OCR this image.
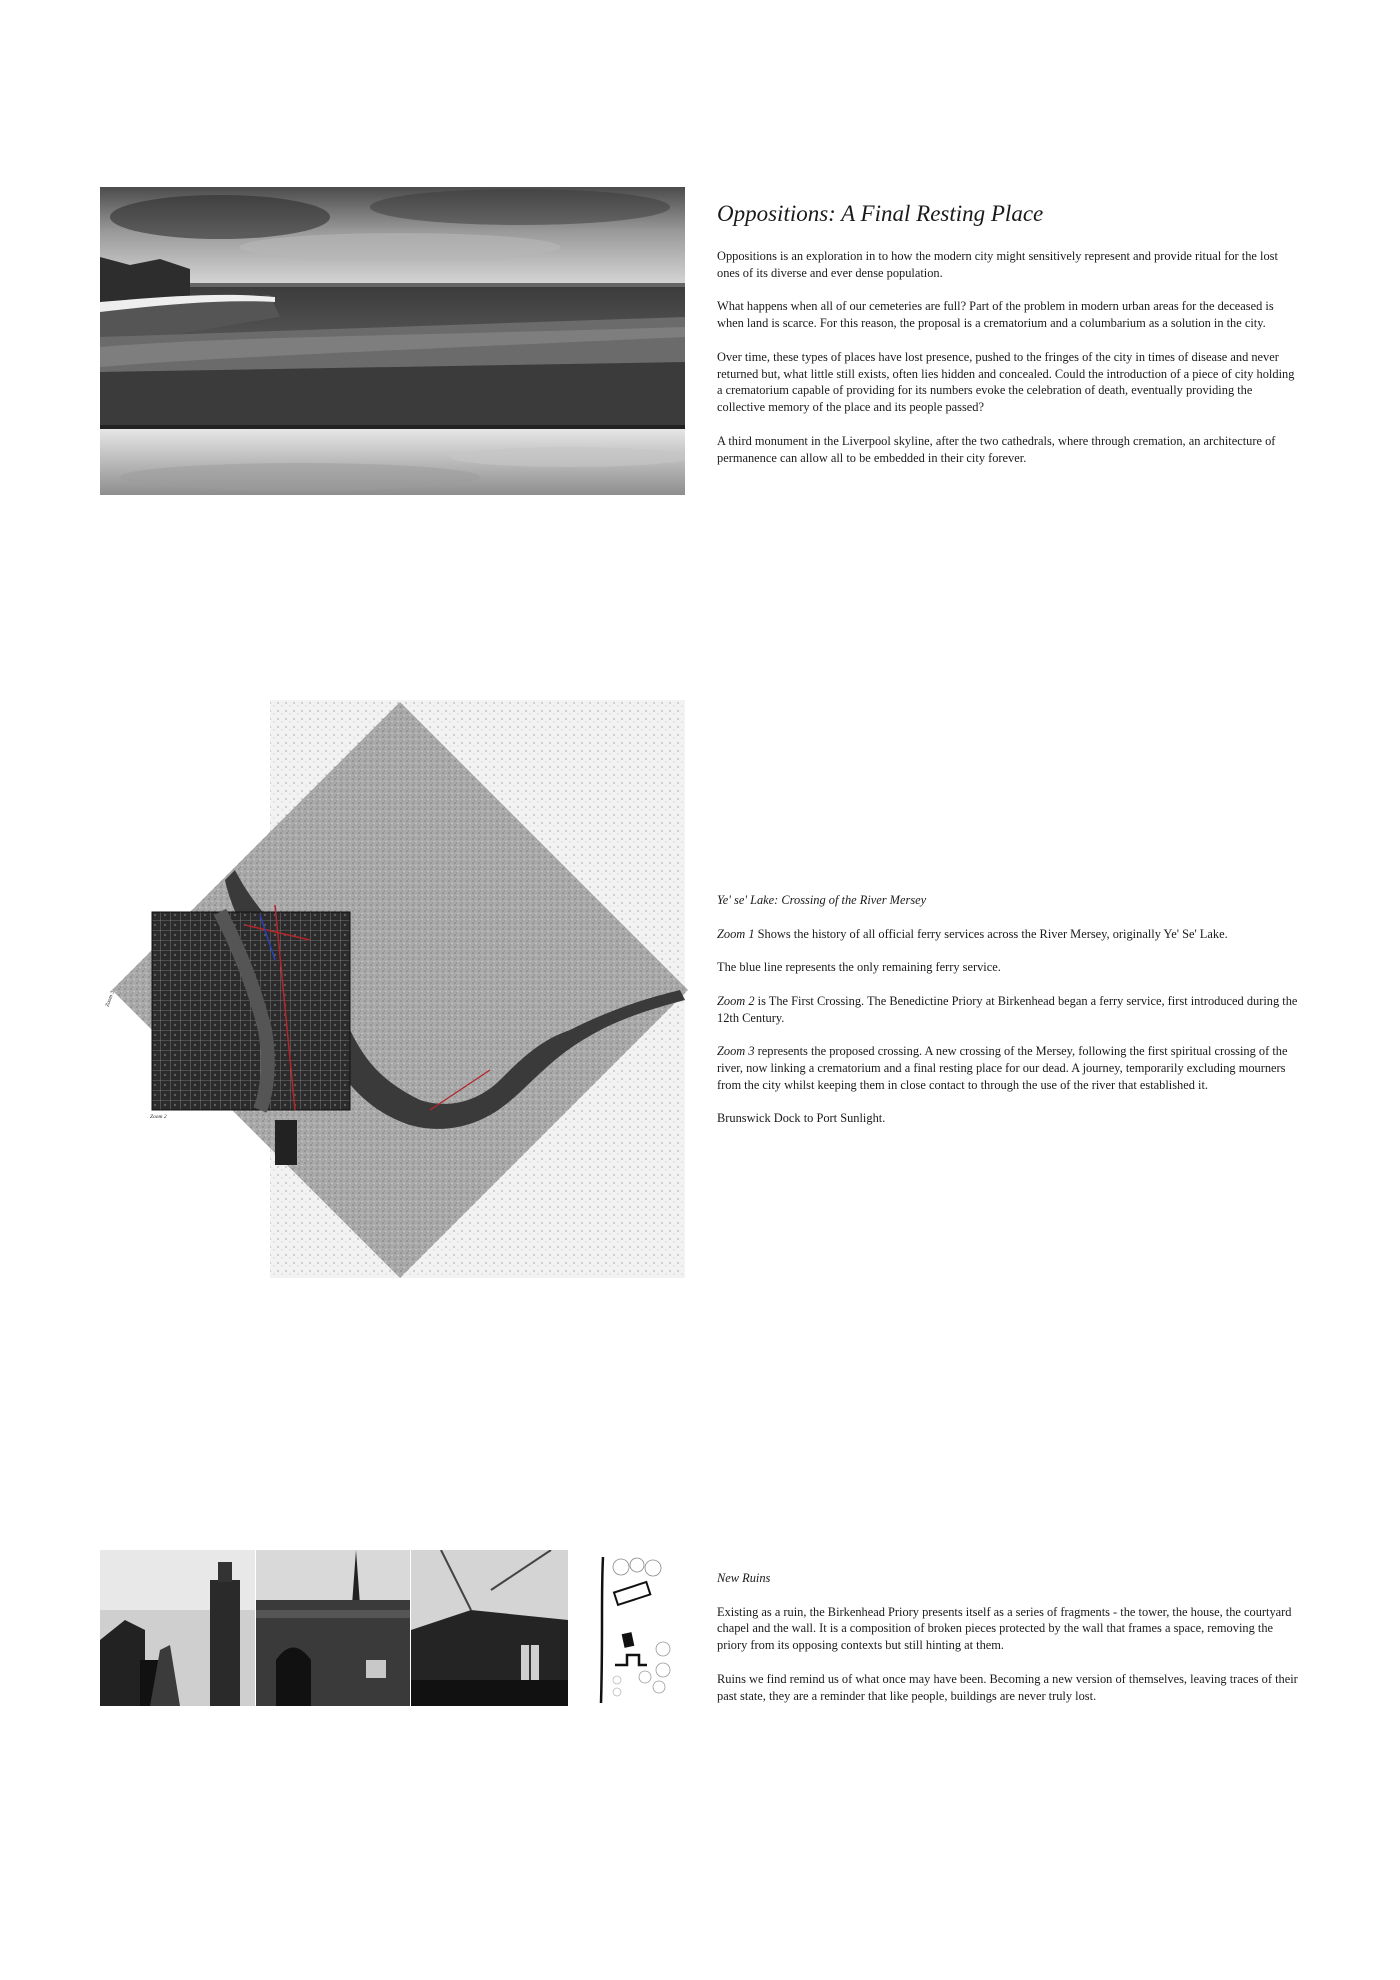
Oppositions: A Final Resting Place

Oppositions is an exploration in to how the modern city might sensitively represent and provide ritual for the lost ones of its diverse and ever dense population.

What happens when all of our cemeteries are full? Part of the problem in modern urban areas for the deceased is when land is scarce. For this reason, the proposal is a crematorium and a columbarium as a solution in the city.

Over time, these types of places have lost presence, pushed to the fringes of the city in times of disease and never returned but, what little still exists, often lies hidden and concealed. Could the introduction of a piece of city holding a crematorium capable of providing for its numbers evoke the celebration of death, eventually providing the collective memory of the place and its people passed?

A third monument in the Liverpool skyline, after the two cathedrals, where through cremation, an architecture of permanence can allow all to be embedded in their city forever.

Zoom 3
Zoom 2
Ye' se' Lake: Crossing of the River Mersey

Zoom 1 Shows the history of all official ferry services across the River Mersey, originally Ye' Se' Lake.

The blue line represents the only remaining ferry service.

Zoom 2 is The First Crossing. The Benedictine Priory at Birkenhead began a ferry service, first introduced during the 12th Century.

Zoom 3 represents the proposed crossing. A new crossing of the Mersey, following the first spiritual crossing of the river, now linking a crematorium and a final resting place for our dead. A journey, temporarily excluding mourners from the city whilst keeping them in close contact to through the use of the river that established it.

Brunswick Dock to Port Sunlight.

New Ruins

Existing as a ruin, the Birkenhead Priory presents itself as a series of fragments - the tower, the house, the courtyard chapel and the wall. It is a composition of broken pieces protected by the wall that frames a space, removing the priory from its opposing contexts but still hinting at them.

Ruins we find remind us of what once may have been. Becoming a new version of themselves, leaving traces of their past state, they are a reminder that like people, buildings are never truly lost.
